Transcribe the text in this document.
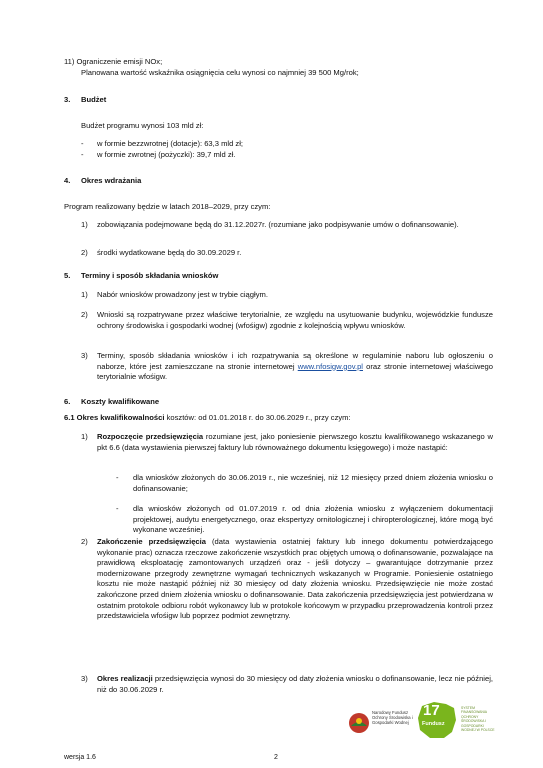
11) Ograniczenie emisji NOx;
Planowana wartość wskaźnika osiągnięcia celu wynosi co najmniej 39 500 Mg/rok;
3. Budżet
Budżet programu wynosi 103 mld zł:
- w formie bezzwrotnej (dotacje): 63,3 mld zł;
- w formie zwrotnej (pożyczki): 39,7 mld zł.
4. Okres wdrażania
Program realizowany będzie w latach 2018–2029, przy czym:
1) zobowiązania podejmowane będą do 31.12.2027r. (rozumiane jako podpisywanie umów o dofinansowanie).
2) środki wydatkowane będą do 30.09.2029 r.
5. Terminy i sposób składania wniosków
1) Nabór wniosków prowadzony jest w trybie ciągłym.
2) Wnioski są rozpatrywane przez właściwe terytorialnie, ze względu na usytuowanie budynku, wojewódzkie fundusze ochrony środowiska i gospodarki wodnej (wfośigw) zgodnie z kolejnością wpływu wniosków.
3) Terminy, sposób składania wniosków i ich rozpatrywania są określone w regulaminie naboru lub ogłoszeniu o naborze, które jest zamieszczane na stronie internetowej www.nfosigw.gov.pl oraz stronie internetowej właściwego terytorialnie wfośigw.
6. Koszty kwalifikowane
6.1 Okres kwalifikowalności kosztów: od 01.01.2018 r. do 30.06.2029 r., przy czym:
1) Rozpoczęcie przedsięwzięcia rozumiane jest, jako poniesienie pierwszego kosztu kwalifikowanego wskazanego w pkt 6.6 (data wystawienia pierwszej faktury lub równoważnego dokumentu księgowego) i może nastąpić:
- dla wniosków złożonych do 30.06.2019 r., nie wcześniej, niż 12 miesięcy przed dniem złożenia wniosku o dofinansowanie;
- dla wniosków złożonych od 01.07.2019 r. od dnia złożenia wniosku z wyłączeniem dokumentacji projektowej, audytu energetycznego, oraz ekspertyzy ornitologicznej i chiropterologicznej, które mogą być wykonane wcześniej.
2) Zakończenie przedsięwzięcia (data wystawienia ostatniej faktury lub innego dokumentu potwierdzającego wykonanie prac) oznacza rzeczowe zakończenie wszystkich prac objętych umową o dofinansowanie, pozwalające na prawidłową eksploatację zamontowanych urządzeń oraz - jeśli dotyczy – gwarantujące dotrzymanie przez modernizowane przegrody zewnętrzne wymagań technicznych wskazanych w Programie. Poniesienie ostatniego kosztu nie może nastąpić później niż 30 miesięcy od daty złożenia wniosku. Przedsięwzięcie nie może zostać zakończone przed dniem złożenia wniosku o dofinansowanie. Data zakończenia przedsięwzięcia jest potwierdzana w ostatnim protokole odbioru robót wykonawcy lub w protokole końcowym w przypadku przeprowadzenia kontroli przez przedstawiciela wfośigw lub poprzez podmiot zewnętrzny.
3) Okres realizacji przedsięwzięcia wynosi do 30 miesięcy od daty złożenia wniosku o dofinansowanie, lecz nie później, niż do 30.06.2029 r.
Narodowy Fundusz Ochrony Środowiska i Gospodarki Wodnej
17
Fundusz
SYSTEM FINANSOWANIA OCHRONY ŚRODOWISKA I GOSPODARKI WODNEJ W POLSCE
wersja 1.6	2
